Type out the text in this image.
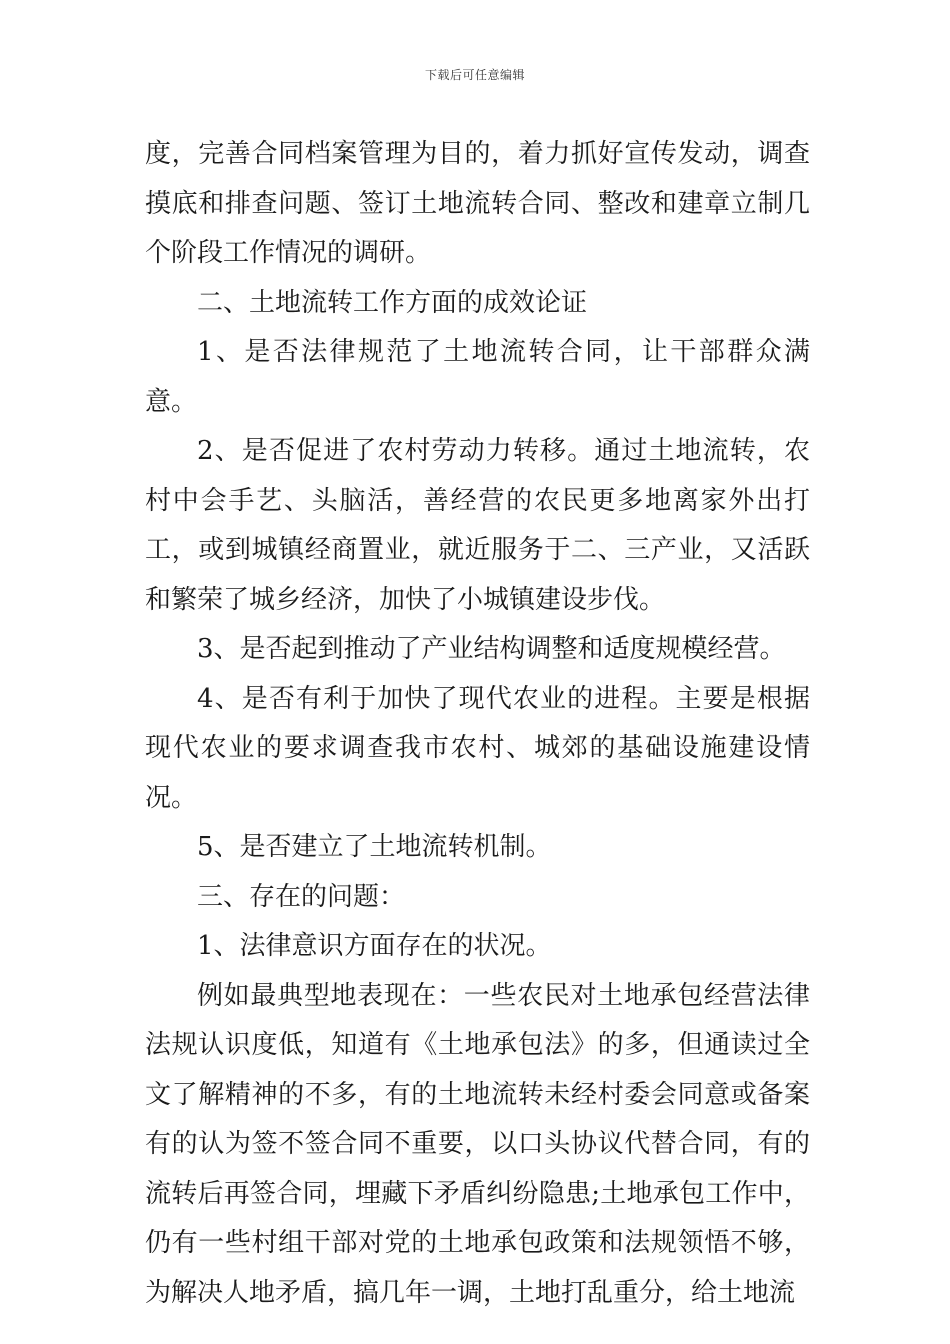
下载后可任意编辑

度，完善合同档案管理为目的，着力抓好宣传发动，调查摸底和排查问题、签订土地流转合同、整改和建章立制几个阶段工作情况的调研。

二、土地流转工作方面的成效论证

1、是否法律规范了土地流转合同，让干部群众满意。

2、是否促进了农村劳动力转移。通过土地流转，农村中会手艺、头脑活，善经营的农民更多地离家外出打工，或到城镇经商置业，就近服务于二、三产业，又活跃和繁荣了城乡经济，加快了小城镇建设步伐。

3、是否起到推动了产业结构调整和适度规模经营。

4、是否有利于加快了现代农业的进程。主要是根据现代农业的要求调查我市农村、城郊的基础设施建设情况。

5、是否建立了土地流转机制。

三、存在的问题：

1、法律意识方面存在的状况。

例如最典型地表现在：一些农民对土地承包经营法律法规认识度低，知道有《土地承包法》的多，但通读过全文了解精神的不多，有的土地流转未经村委会同意或备案有的认为签不签合同不重要，以口头协议代替合同，有的流转后再签合同，埋藏下矛盾纠纷隐患;土地承包工作中，仍有一些村组干部对党的土地承包政策和法规领悟不够，为解决人地矛盾，搞几年一调，土地打乱重分，给土地流
